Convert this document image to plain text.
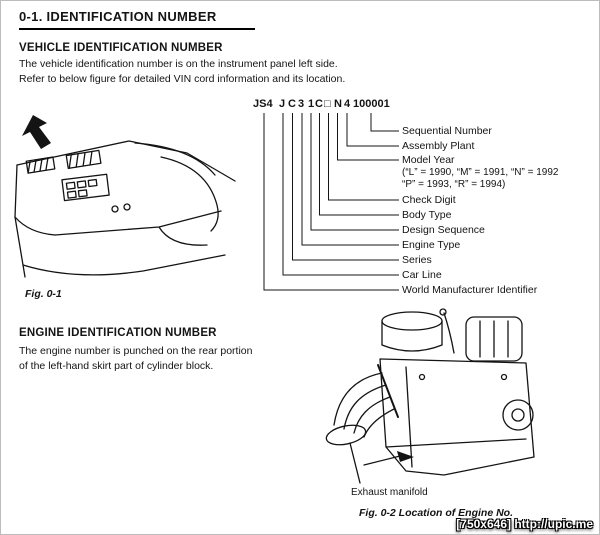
0-1. IDENTIFICATION NUMBER
VEHICLE IDENTIFICATION NUMBER
The vehicle identification number is on the instrument panel left side.
Refer to below figure for detailed VIN cord information and its location.
JS4 J C 3 1 C □ N 4 100001
Sequential Number
Assembly Plant
Model Year
(“L” = 1990, “M” = 1991, “N” = 1992
“P” = 1993, “R” = 1994)
Check Digit
Body Type
Design Sequence
Engine Type
Series
Car Line
World Manufacturer Identifier
Fig. 0-1
ENGINE IDENTIFICATION NUMBER
The engine number is punched on the rear portion
of the left-hand skirt part of cylinder block.
Exhaust manifold
Fig. 0-2 Location of Engine No.
[750x646] http://upic.me
